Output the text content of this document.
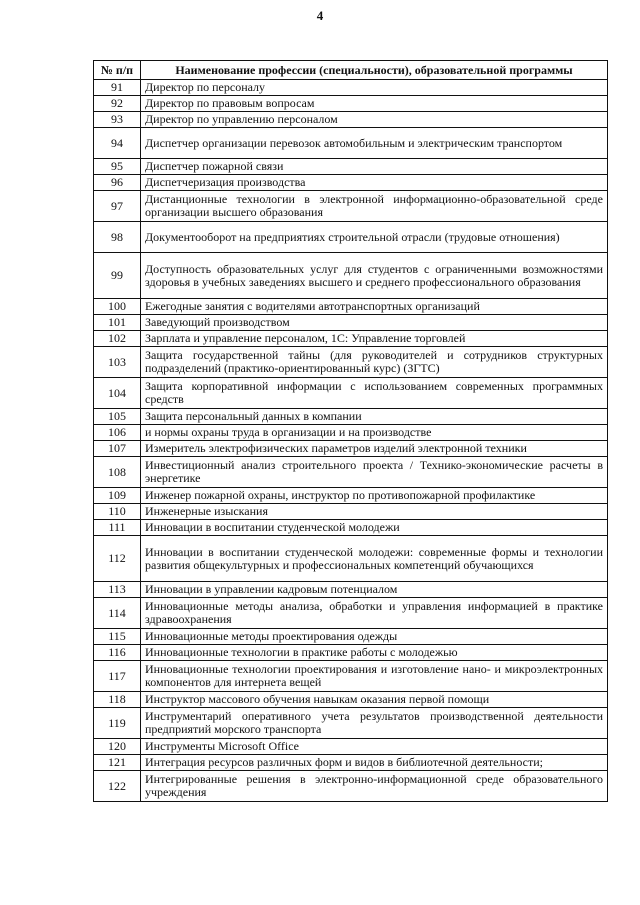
4
№ п/п	Наименование профессии (специальности), образовательной программы
91	Директор по персоналу
92	Директор по правовым вопросам
93	Директор по управлению персоналом
94	Диспетчер организации перевозок автомобильным и электрическим транспортом
95	Диспетчер пожарной связи
96	Диспетчеризация производства
97	Дистанционные технологии в электронной информационно-образовательной среде организации высшего образования
98	Документооборот на предприятиях строительной отрасли (трудовые отношения)
99	Доступность образовательных услуг для студентов с ограниченными возможностями здоровья в учебных заведениях высшего и среднего профессионального образования
100	Ежегодные занятия с водителями автотранспортных организаций
101	Заведующий производством
102	Зарплата и управление персоналом, 1С: Управление торговлей
103	Защита государственной тайны (для руководителей и сотрудников структурных подразделений (практико-ориентированный курс) (ЗГТС)
104	Защита корпоративной информации с использованием современных программных средств
105	Защита персональный данных в компании
106	и нормы охраны труда в организации и на производстве
107	Измеритель электрофизических параметров изделий электронной техники
108	Инвестиционный анализ строительного проекта / Технико-экономические расчеты в энергетике
109	Инженер пожарной охраны, инструктор по противопожарной профилактике
110	Инженерные изыскания
111	Инновации в воспитании студенческой молодежи
112	Инновации в воспитании студенческой молодежи: современные формы и технологии развития общекультурных и профессиональных компетенций обучающихся
113	Инновации в управлении кадровым потенциалом
114	Инновационные методы анализа, обработки и управления информацией в практике здравоохранения
115	Инновационные методы проектирования одежды
116	Инновационные технологии в практике работы с молодежью
117	Инновационные технологии проектирования и изготовление нано- и микроэлектронных компонентов для интернета вещей
118	Инструктор массового обучения навыкам оказания первой помощи
119	Инструментарий оперативного учета результатов производственной деятельности предприятий морского транспорта
120	Инструменты Microsoft Office
121	Интеграция ресурсов различных форм и видов в библиотечной деятельности;
122	Интегрированные решения в электронно-информационной среде образовательного учреждения
